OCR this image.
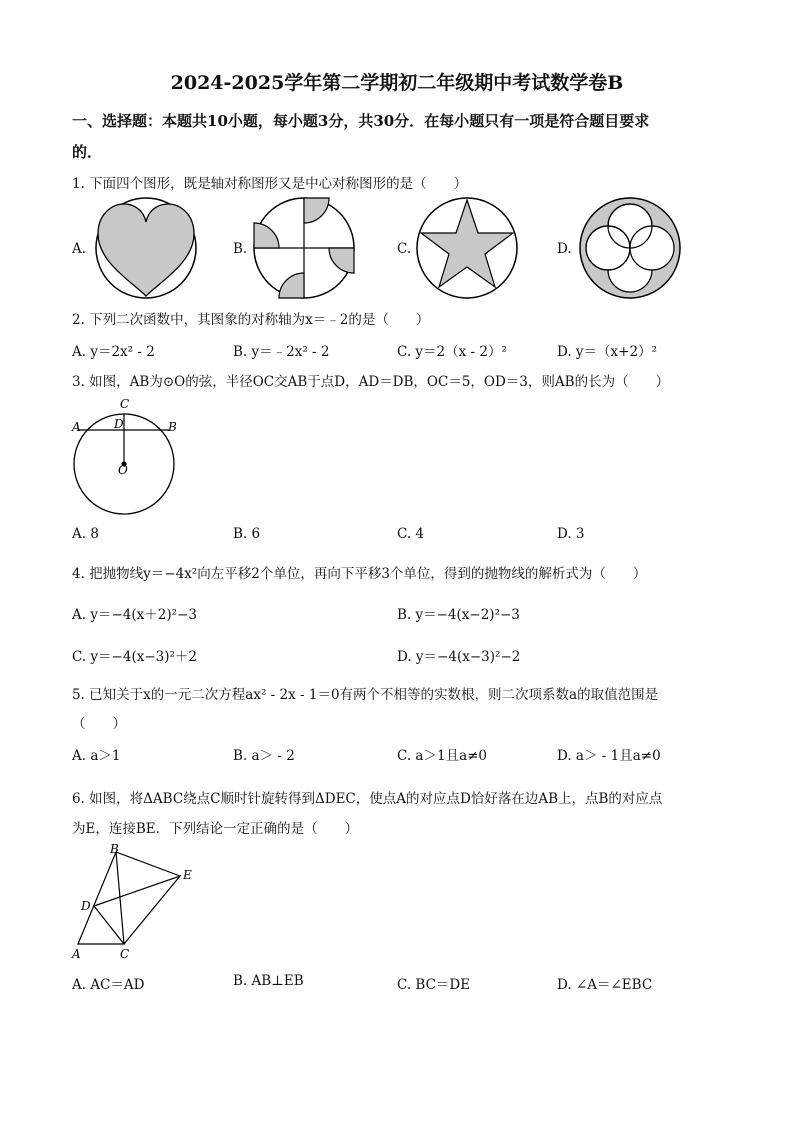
2024-2025学年第二学期初二年级期中考试数学卷B
一、选择题：本题共10小题，每小题3分，共30分．在每小题只有一项是符合题目要求
的．
1. 下面四个图形，既是轴对称图形又是中心对称图形的是（　　）
A.	B.	C.	D.
2. 下列二次函数中，其图象的对称轴为x＝﹣2的是（　　）
A. y＝2x² - 2	B. y＝﹣2x² - 2	C. y＝2（x - 2）²	D. y＝（x+2）²
3. 如图，AB为⊙O的弦，半径OC交AB于点D，AD＝DB，OC＝5，OD＝3，则AB的长为（　　）
C
A	D	B
O
A. 8	B. 6	C. 4	D. 3
4. 把抛物线y＝−4x²向左平移2个单位，再向下平移3个单位，得到的抛物线的解析式为（　　）
A. y＝−4(x＋2)²−3	B. y＝−4(x−2)²−3
C. y＝−4(x−3)²＋2	D. y＝−4(x−3)²−2
5. 已知关于x的一元二次方程ax² - 2x - 1＝0有两个不相等的实数根，则二次项系数a的取值范围是
（　　）
A. a＞1	B. a＞ - 2	C. a＞1且a≠0	D. a＞ - 1且a≠0
6. 如图，将ΔABC绕点C顺时针旋转得到ΔDEC，使点A的对应点D恰好落在边AB上，点B的对应点
为E，连接BE．下列结论一定正确的是（　　）
B
E
D
A	C
A. AC＝AD	B. AB⊥EB	C. BC＝DE	D. ∠A＝∠EBC
